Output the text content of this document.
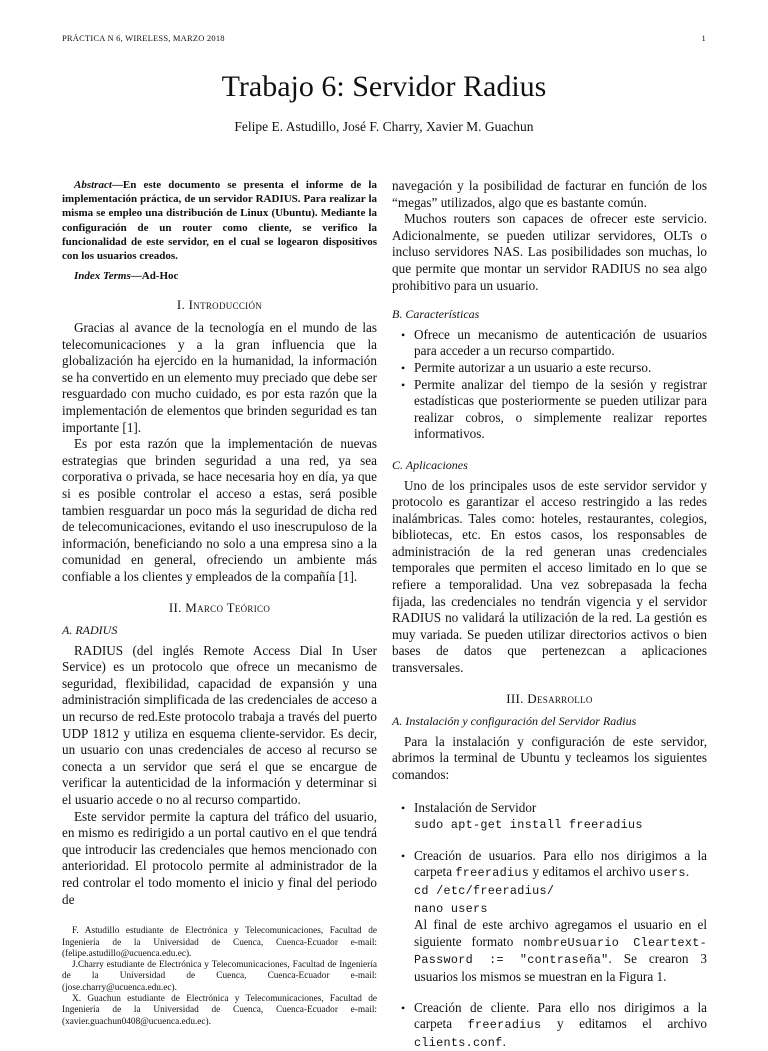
PRÁCTICA N 6, WIRELESS, MARZO 2018	1
Trabajo 6: Servidor Radius
Felipe E. Astudillo, José F. Charry, Xavier M. Guachun
Abstract—En este documento se presenta el informe de la implementación práctica, de un servidor RADIUS. Para realizar la misma se empleo una distribución de Linux (Ubuntu). Mediante la configuración de un router como cliente, se verifico la funcionalidad de este servidor, en el cual se logearon dispositivos con los usuarios creados.
Index Terms—Ad-Hoc
I. Introducción

Gracias al avance de la tecnología en el mundo de las telecomunicaciones y a la gran influencia que la globalización ha ejercido en la humanidad, la información se ha convertido en un elemento muy preciado que debe ser resguardado con mucho cuidado, es por esta razón que la implementación de elementos que brinden seguridad es tan importante [1].

Es por esta razón que la implementación de nuevas estrategias que brinden seguridad a una red, ya sea corporativa o privada, se hace necesaria hoy en día, ya que si es posible controlar el acceso a estas, será posible tambien resguardar un poco más la seguridad de dicha red de telecomunicaciones, evitando el uso inescrupuloso de la información, beneficiando no solo a una empresa sino a la comunidad en general, ofreciendo un ambiente más confiable a los clientes y empleados de la compañía [1].

II. Marco Teórico
A. RADIUS

RADIUS (del inglés Remote Access Dial In User Service) es un protocolo que ofrece un mecanismo de seguridad, flexibilidad, capacidad de expansión y una administración simplificada de las credenciales de acceso a un recurso de red.Este protocolo trabaja a través del puerto UDP 1812 y utiliza en esquema cliente-servidor. Es decir, un usuario con unas credenciales de acceso al recurso se conecta a un servidor que será el que se encargue de verificar la autenticidad de la información y determinar si el usuario accede o no al recurso compartido.

Este servidor permite la captura del tráfico del usuario, en mismo es redirigido a un portal cautivo en el que tendrá que introducir las credenciales que hemos mencionado con anterioridad. El protocolo permite al administrador de la red controlar el todo momento el inicio y final del periodo de

F. Astudillo estudiante de Electrónica y Telecomunicaciones, Facultad de Ingeniería de la Universidad de Cuenca, Cuenca-Ecuador e-mail: (felipe.astudillo@ucuenca.edu.ec).

J.Charry estudiante de Electrónica y Telecomunicaciones, Facultad de Ingeniería de la Universidad de Cuenca, Cuenca-Ecuador e-mail: (jose.charry@ucuenca.edu.ec).

X. Guachun estudiante de Electrónica y Telecomunicaciones, Facultad de Ingeniería de la Universidad de Cuenca, Cuenca-Ecuador e-mail: (xavier.guachun0408@ucuenca.edu.ec).

navegación y la posibilidad de facturar en función de los “megas” utilizados, algo que es bastante común.

Muchos routers son capaces de ofrecer este servicio. Adicionalmente, se pueden utilizar servidores, OLTs o incluso servidores NAS. Las posibilidades son muchas, lo que permite que montar un servidor RADIUS no sea algo prohibitivo para un usuario.

B. Características
• Ofrece un mecanismo de autenticación de usuarios para acceder a un recurso compartido.
• Permite autorizar a un usuario a este recurso.
• Permite analizar del tiempo de la sesión y registrar estadísticas que posteriormente se pueden utilizar para realizar cobros, o simplemente realizar reportes informativos.
C. Aplicaciones

Uno de los principales usos de este servidor servidor y protocolo es garantizar el acceso restringido a las redes inalámbricas. Tales como: hoteles, restaurantes, colegios, bibliotecas, etc. En estos casos, los responsables de administración de la red generan unas credenciales temporales que permiten el acceso limitado en lo que se refiere a temporalidad. Una vez sobrepasada la fecha fijada, las credenciales no tendrán vigencia y el servidor RADIUS no validará la utilización de la red. La gestión es muy variada. Se pueden utilizar directorios activos o bien bases de datos que pertenezcan a aplicaciones transversales.

III. Desarrollo
A. Instalación y configuración del Servidor Radius

Para la instalación y configuración de este servidor, abrimos la terminal de Ubuntu y tecleamos los siguientes comandos:

• Instalación de Servidor
sudo apt-get install freeradius
• Creación de usuarios. Para ello nos dirigimos a la carpeta freeradius y editamos el archivo users.
cd /etc/freeradius/
nano users
Al final de este archivo agregamos el usuario en el siguiente formato nombreUsuario Cleartext-Password := "contraseña". Se crearon 3 usuarios los mismos se muestran en la Figura 1.
• Creación de cliente. Para ello nos dirigimos a la carpeta freeradius y editamos el archivo clients.conf.
